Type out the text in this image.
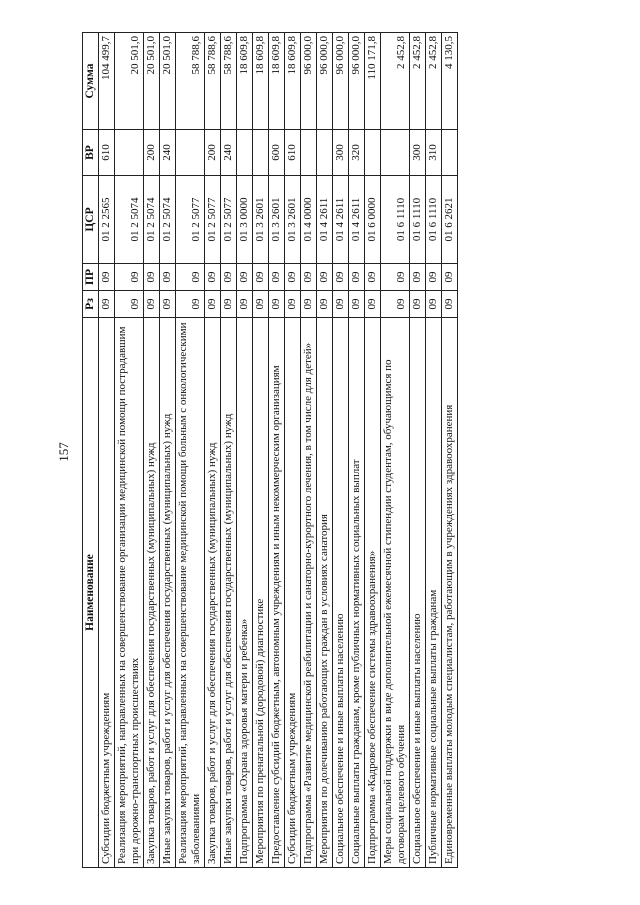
157
Наименование	Рз	ПР	ЦСР	ВР	Сумма
Субсидии бюджетным учреждениям	09	09	01 2 2565	610	104 499,7
Реализация мероприятий, направленных на совершенствование организации медицинской помощи пострадавшим при дорожно-транспортных происшествиях	09	09	01 2 5074		20 501,0
Закупка товаров, работ и услуг для обеспечения государственных (муниципальных) нужд	09	09	01 2 5074	200	20 501,0
Иные закупки товаров, работ и услуг для обеспечения государственных (муниципальных) нужд	09	09	01 2 5074	240	20 501,0
Реализация мероприятий, направленных на совершенствование медицинской помощи больным с онкологическими заболеваниями	09	09	01 2 5077		58 788,6
Закупка товаров, работ и услуг для обеспечения государственных (муниципальных) нужд	09	09	01 2 5077	200	58 788,6
Иные закупки товаров, работ и услуг для обеспечения государственных (муниципальных) нужд	09	09	01 2 5077	240	58 788,6
Подпрограмма «Охрана здоровья матери и ребенка»	09	09	01 3 0000		18 609,8
Мероприятия по пренатальной (дородовой) диагностике	09	09	01 3 2601		18 609,8
Предоставление субсидий бюджетным, автономным учреждениям и иным некоммерческим организациям	09	09	01 3 2601	600	18 609,8
Субсидии бюджетным учреждениям	09	09	01 3 2601	610	18 609,8
Подпрограмма «Развитие медицинской реабилитации и санаторно-курортного лечения, в том числе для детей»	09	09	01 4 0000		96 000,0
Мероприятия по долечиванию работающих граждан в условиях санатория	09	09	01 4 2611		96 000,0
Социальное обеспечение и иные выплаты населению	09	09	01 4 2611	300	96 000,0
Социальные выплаты гражданам, кроме публичных нормативных социальных выплат	09	09	01 4 2611	320	96 000,0
Подпрограмма «Кадровое обеспечение системы здравоохранения»	09	09	01 6 0000		110 171,8
Меры социальной поддержки в виде дополнительной ежемесячной стипендии студентам, обучающимся по договорам целевого обучения	09	09	01 6 1110		2 452,8
Социальное обеспечение и иные выплаты населению	09	09	01 6 1110	300	2 452,8
Публичные нормативные социальные выплаты гражданам	09	09	01 6 1110	310	2 452,8
Единовременные выплаты молодым специалистам, работающим в учреждениях здравоохранения	09	09	01 6 2621		4 130,5
